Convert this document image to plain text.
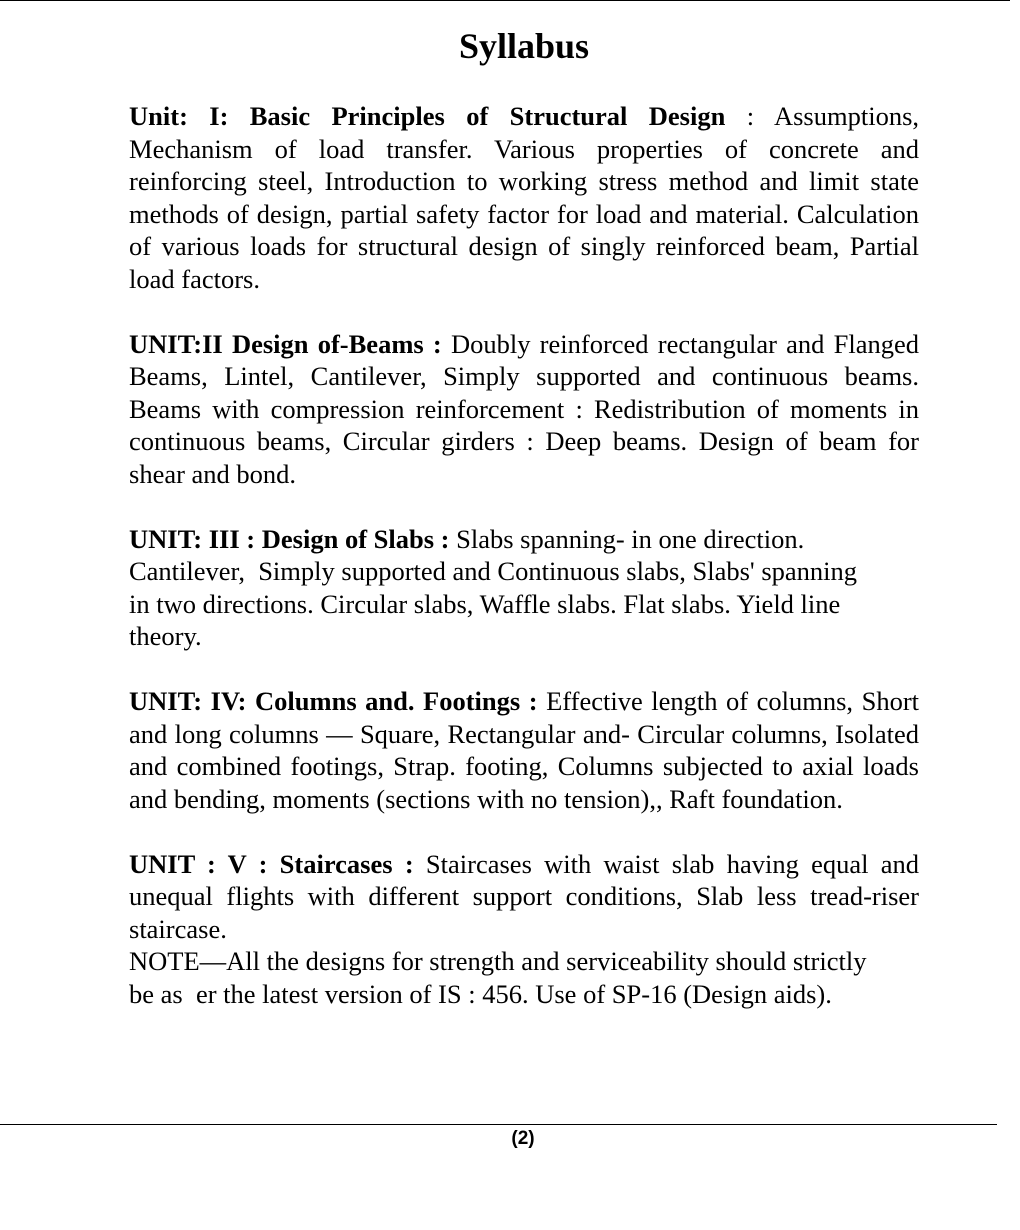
Syllabus

Unit: I: Basic Principles of Structural Design : Assumptions, Mechanism of load transfer. Various properties of concrete and reinforcing steel, Introduction to working stress method and limit state methods of design, partial safety factor for load and material. Calculation of various loads for structural design of singly reinforced beam, Partial load factors.

UNIT:II Design of-Beams : Doubly reinforced rectangular and Flanged Beams, Lintel, Cantilever, Simply supported and continuous beams. Beams with compression reinforcement : Redistribution of moments in continuous beams, Circular girders : Deep beams. Design of beam for shear and bond.

UNIT: III : Design of Slabs : Slabs spanning- in one direction.

Cantilever,  Simply supported and Continuous slabs, Slabs' spanning

in two directions. Circular slabs, Waffle slabs. Flat slabs. Yield line

theory.

UNIT: IV: Columns and. Footings : Effective length of columns, Short and long columns — Square, Rectangular and- Circular columns, Isolated and combined footings, Strap. footing, Columns subjected to axial loads and bending, moments (sections with no tension),, Raft foundation.

UNIT : V : Staircases : Staircases with waist slab having equal and unequal flights with different support conditions, Slab less tread-riser staircase.

NOTE—All the designs for strength and serviceability should strictly

be as  er the latest version of IS : 456. Use of SP-16 (Design aids).

(2)
